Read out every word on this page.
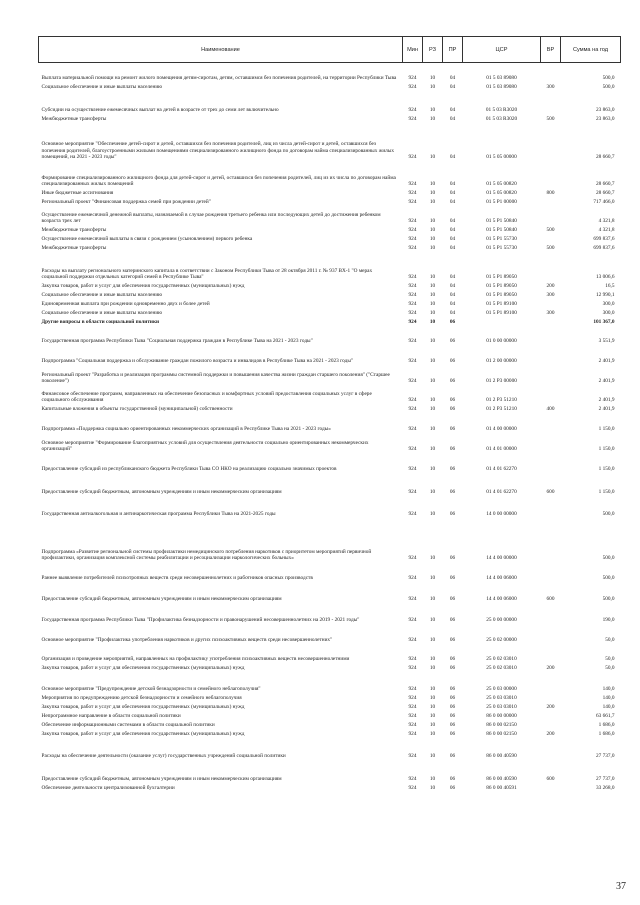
Наименование	Мин	РЗ	ПР	ЦСР	ВР	Сумма на год
Выплата материальной помощи на ремонт жилого помещения детям-сиротам, детям, оставшимся без попечения родителей, на территории Республики Тыва	924	10	04	01 5 03 89080		500,0
Социальное обеспечение и иные выплаты населению	924	10	04	01 5 03 89080	300	500,0
Субсидии на осуществление ежемесячных выплат на детей в возрасте от трех до семи лет включительно	924	10	04	01 5 03 R3020		23 863,0
Межбюджетные трансферты	924	10	04	01 5 03 R3020	500	23 863,0
Основное мероприятие "Обеспечение детей-сирот и детей, оставшихся без попечения родителей, лиц из числа детей-сирот и детей, оставшихся без попечения родителей, благоустроенными жилыми помещениями специализированного жилищного фонда по договорам найма специализированных жилых помещений, на 2021 - 2023 годы"	924	10	04	01 5 05 00000		28 660,7
Формирование специализированного жилищного фонда для детей-сирот и детей, оставшихся без попечения родителей, лиц из их числа по договорам найма специализированных жилых помещений	924	10	04	01 5 05 00820		28 660,7
Иные бюджетные ассигнования	924	10	04	01 5 05 00820	800	28 660,7
Региональный проект "Финансовая поддержка семей при рождении детей"	924	10	04	01 5 P1 00000		717 466,0
Осуществление ежемесячной денежной выплаты, назначаемой в случае рождения третьего ребенка или последующих детей до достижения ребенком возраста трех лет	924	10	04	01 5 P1 50840		4 321,8
Межбюджетные трансферты	924	10	04	01 5 P1 50840	500	4 321,8
Осуществление ежемесячной выплаты в связи с рождением (усыновлением) первого ребенка	924	10	04	01 5 P1 55730		699 837,6
Межбюджетные трансферты	924	10	04	01 5 P1 55730	500	699 837,6
Расходы на выплату регионального материнского капитала в соответствии с Законом Республики Тыва от 28 октября 2011 г. № 937 ВХ-1 "О мерах социальной поддержки отдельных категорий семей в Республике Тыва"	924	10	04	01 5 P1 89050		13 006,6
Закупка товаров, работ и услуг для обеспечения государственных (муниципальных) нужд	924	10	04	01 5 P1 89050	200	16,5
Социальное обеспечение и иные выплаты населению	924	10	04	01 5 P1 89050	300	12 990,1
Единовременная выплата при рождении одновременно двух и более детей	924	10	04	01 5 P1 89100		300,0
Социальное обеспечение и иные выплаты населению	924	10	04	01 5 P1 89100	300	300,0
Другие вопросы в области социальной политики	924	10	06			101 367,0
Государственная программа Республики Тыва "Социальная поддержка граждан в Республике Тыва на 2021 - 2023 годы"	924	10	06	01 0 00 00000		3 551,9
Подпрограмма "Социальная поддержка и обслуживание граждан пожилого возраста и инвалидов в Республике Тыва на 2021 - 2023 годы"	924	10	06	01 2 00 00000		2 401,9
Региональный проект "Разработка и реализация программы системной поддержки и повышения качества жизни граждан старшего поколения" ("Старшее поколение")	924	10	06	01 2 P3 00000		2 401,9
Финансовое обеспечение программ, направленных на обеспечение безопасных и комфортных условий предоставления социальных услуг в сфере социального обслуживания	924	10	06	01 2 P3 51210		2 401,9
Капитальные вложения в объекты государственной (муниципальной) собственности	924	10	06	01 2 P3 51210	400	2 401,9
Подпрограмма «Поддержка социально ориентированных некоммерческих организаций в Республике Тыва на 2021 - 2023 годы»	924	10	06	01 4 00 00000		1 150,0
Основное мероприятие "Формирование благоприятных условий для осуществления деятельности социально ориентированных некоммерческих организаций"	924	10	06	01 4 01 00000		1 150,0
Предоставление субсидий из республиканского бюджета Республики Тыва СО НКО на реализацию социально значимых проектов	924	10	06	01 4 01 62270		1 150,0
Предоставление субсидий бюджетным, автономным учреждениям и иным некоммерческим организациям	924	10	06	01 4 01 62270	600	1 150,0
Государственная антиалкогольная и антинаркотическая программа Республики Тыва на 2021-2025 годы	924	10	06	14 0 00 00000		500,0
Подпрограмма «Развитие региональной системы профилактики немедицинского потребления наркотиков с приоритетом мероприятий первичной профилактики, организация комплексной системы реабилитации и ресоциализации наркологических больных»	924	10	06	14 4 00 00000		500,0
Раннее выявление потребителей психотропных веществ среди несовершеннолетних и работников опасных производств	924	10	06	14 4 00 06000		500,0
Предоставление субсидий бюджетным, автономным учреждениям и иным некоммерческим организациям	924	10	06	14 4 00 06000	600	500,0
Государственная программа Республики Тыва "Профилактика безнадзорности и правонарушений несовершеннолетних на 2019 - 2021 годы"	924	10	06	25 0 00 00000		190,0
Основное мероприятие "Профилактика употребления наркотиков и других психоактивных веществ среди несовершеннолетних"	924	10	06	25 0 02 00000		50,0
Организация и проведение мероприятий, направленных на профилактику употребления психоактивных веществ несовершеннолетними	924	10	06	25 0 02 03010		50,0
Закупка товаров, работ и услуг для обеспечения государственных (муниципальных) нужд	924	10	06	25 0 02 03010	200	50,0
Основное мероприятие "Предупреждение детской безнадзорности и семейного неблагополучия"	924	10	06	25 0 03 00000		140,0
Мероприятия по предупреждению детской безнадзорности и семейного неблагополучия	924	10	06	25 0 03 03010		140,0
Закупка товаров, работ и услуг для обеспечения государственных (муниципальных) нужд	924	10	06	25 0 03 03010	200	140,0
Непрограммное направление в области социальной политики	924	10	06	86 0 00 00000		63 661,7
Обеспечение информационными системами в области социальной политики	924	10	06	86 0 00 02150		1 686,0
Закупка товаров, работ и услуг для обеспечения государственных (муниципальных) нужд	924	10	06	86 0 00 02150	200	1 686,0
Расходы на обеспечение деятельности (оказание услуг) государственных учреждений социальной политики	924	10	06	86 0 00 40590		27 737,0
Предоставление субсидий бюджетным, автономным учреждениям и иным некоммерческим организациям	924	10	06	86 0 00 40590	600	27 737,0
Обеспечение деятельности централизованной бухгалтерии	924	10	06	86 0 00 40591		33 268,0
37
